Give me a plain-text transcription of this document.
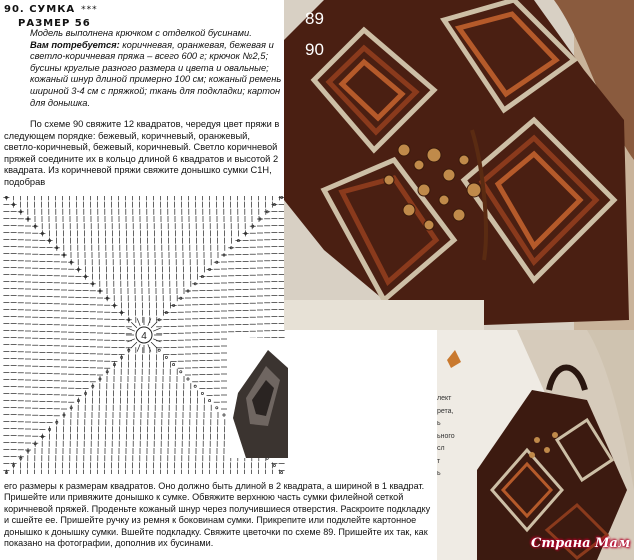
90. СУМКА ***
РАЗМЕР 56
Модель выполнена крючком с отделкой бусинами.
Вам потребуется: коричневая, оранжевая, бежевая и светло-коричневая пряжа – всего 600 г; крючок №2,5; бусины круглые разного размера и цвета и овальные; кожаный шнур длиной примерно 100 см; кожаный ремень шириной 3-4 см с пряжкой; ткань для подкладки; картон для донышка.
По схеме 90 свяжите 12 квадратов, чередуя цвет пряжи в следующем порядке: бежевый, коричневый, оранжевый, светло-коричневый, бежевый, коричневый. Светло коричневой пряжей соедините их в кольцо длиной 6 квадратов и высотой 2 квадрата. Из коричневой пряжи свяжите донышко сумки С1Н, подобрав
4
89
90
лект
рета,
ь
ьного
сл
т
ь
его размеры к размерам квадратов. Оно должно быть длиной в 2 квадрата, а шириной в 1 квадрат. Пришейте или привяжите донышко к сумке. Обвяжите верхнюю часть сумки филейной сеткой коричневой пряжей. Проденьте кожаный шнур через получившиеся отверстия. Раскроите подкладку и сшейте ее. Пришейте ручку из ремня к боковинам сумки. Прикрепите или подклейте картонное донышко к донышку сумки. Вшейте подкладку. Свяжите цветочки по схеме 89. Пришейте их так, как показано на фотографии, дополнив их бусинами.	Страна Мам
